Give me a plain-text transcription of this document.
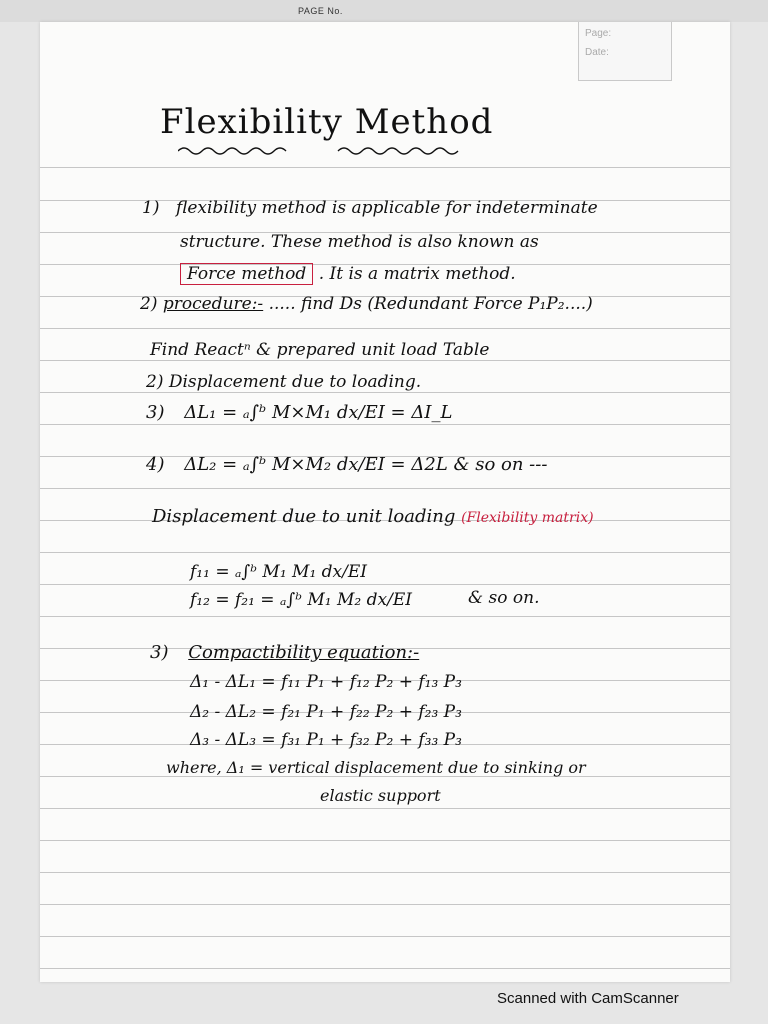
PAGE No.
Page:
Date:
Flexibility Method
1) flexibility method is applicable for indeterminate
structure. These method is also known as
Force method . It is a matrix method.
2) procedure:- ..... find Ds (Redundant Force P₁P₂....)
Find Reactⁿ & prepared unit load Table
2) Displacement due to loading.
3) ΔL₁ = ₐ∫ᵇ M×M₁ dx/EI = ΔI_L
4) ΔL₂ = ₐ∫ᵇ M×M₂ dx/EI = Δ2L & so on ---
Displacement due to unit loading (Flexibility matrix)
f₁₁ = ₐ∫ᵇ M₁ M₁ dx/EI
f₁₂ = f₂₁ = ₐ∫ᵇ M₁ M₂ dx/EI	& so on.
3) Compactibility equation:-
Δ₁ - ΔL₁ = f₁₁ P₁ + f₁₂ P₂ + f₁₃ P₃
Δ₂ - ΔL₂ = f₂₁ P₁ + f₂₂ P₂ + f₂₃ P₃
Δ₃ - ΔL₃ = f₃₁ P₁ + f₃₂ P₂ + f₃₃ P₃
where, Δ₁ = vertical displacement due to sinking or
elastic support
Scanned with CamScanner
